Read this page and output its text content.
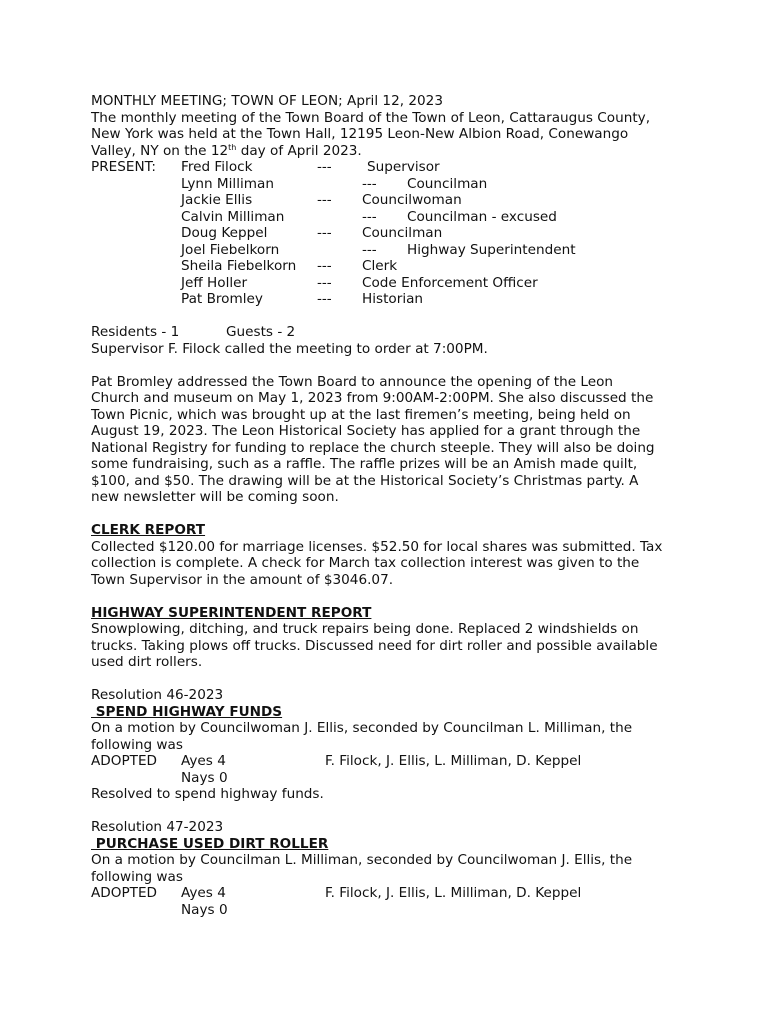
MONTHLY MEETING; TOWN OF LEON; April 12, 2023
The monthly meeting of the Town Board of the Town of Leon, Cattaraugus County,
New York was held at the Town Hall, 12195 Leon-New Albion Road, Conewango
Valley, NY on the 12th day of April 2023.
PRESENT: Fred Filock	---	Supervisor
Lynn Milliman	--- Councilman
Jackie Ellis	--- Councilwoman
Calvin Milliman	--- Councilman - excused
Doug Keppel	--- Councilman
Joel Fiebelkorn	--- Highway Superintendent
Sheila Fiebelkorn --- Clerk
Jeff Holler	--- Code Enforcement Officer
Pat Bromley	--- Historian
Residents - 1	Guests - 2
Supervisor F. Filock called the meeting to order at 7:00PM.
Pat Bromley addressed the Town Board to announce the opening of the Leon
Church and museum on May 1, 2023 from 9:00AM-2:00PM. She also discussed the
Town Picnic, which was brought up at the last firemen’s meeting, being held on
August 19, 2023. The Leon Historical Society has applied for a grant through the
National Registry for funding to replace the church steeple. They will also be doing
some fundraising, such as a raffle. The raffle prizes will be an Amish made quilt,
$100, and $50. The drawing will be at the Historical Society’s Christmas party. A
new newsletter will be coming soon.
CLERK REPORT
Collected $120.00 for marriage licenses. $52.50 for local shares was submitted. Tax
collection is complete. A check for March tax collection interest was given to the
Town Supervisor in the amount of $3046.07.
HIGHWAY SUPERINTENDENT REPORT
Snowplowing, ditching, and truck repairs being done. Replaced 2 windshields on
trucks. Taking plows off trucks. Discussed need for dirt roller and possible available
used dirt rollers.
Resolution 46-2023
SPEND HIGHWAY FUNDS
On a motion by Councilwoman J. Ellis, seconded by Councilman L. Milliman, the
following was
ADOPTED Ayes 4	F. Filock, J. Ellis, L. Milliman, D. Keppel
Nays 0
Resolved to spend highway funds.
Resolution 47-2023
PURCHASE USED DIRT ROLLER
On a motion by Councilman L. Milliman, seconded by Councilwoman J. Ellis, the
following was
ADOPTED Ayes 4	F. Filock, J. Ellis, L. Milliman, D. Keppel
Nays 0
